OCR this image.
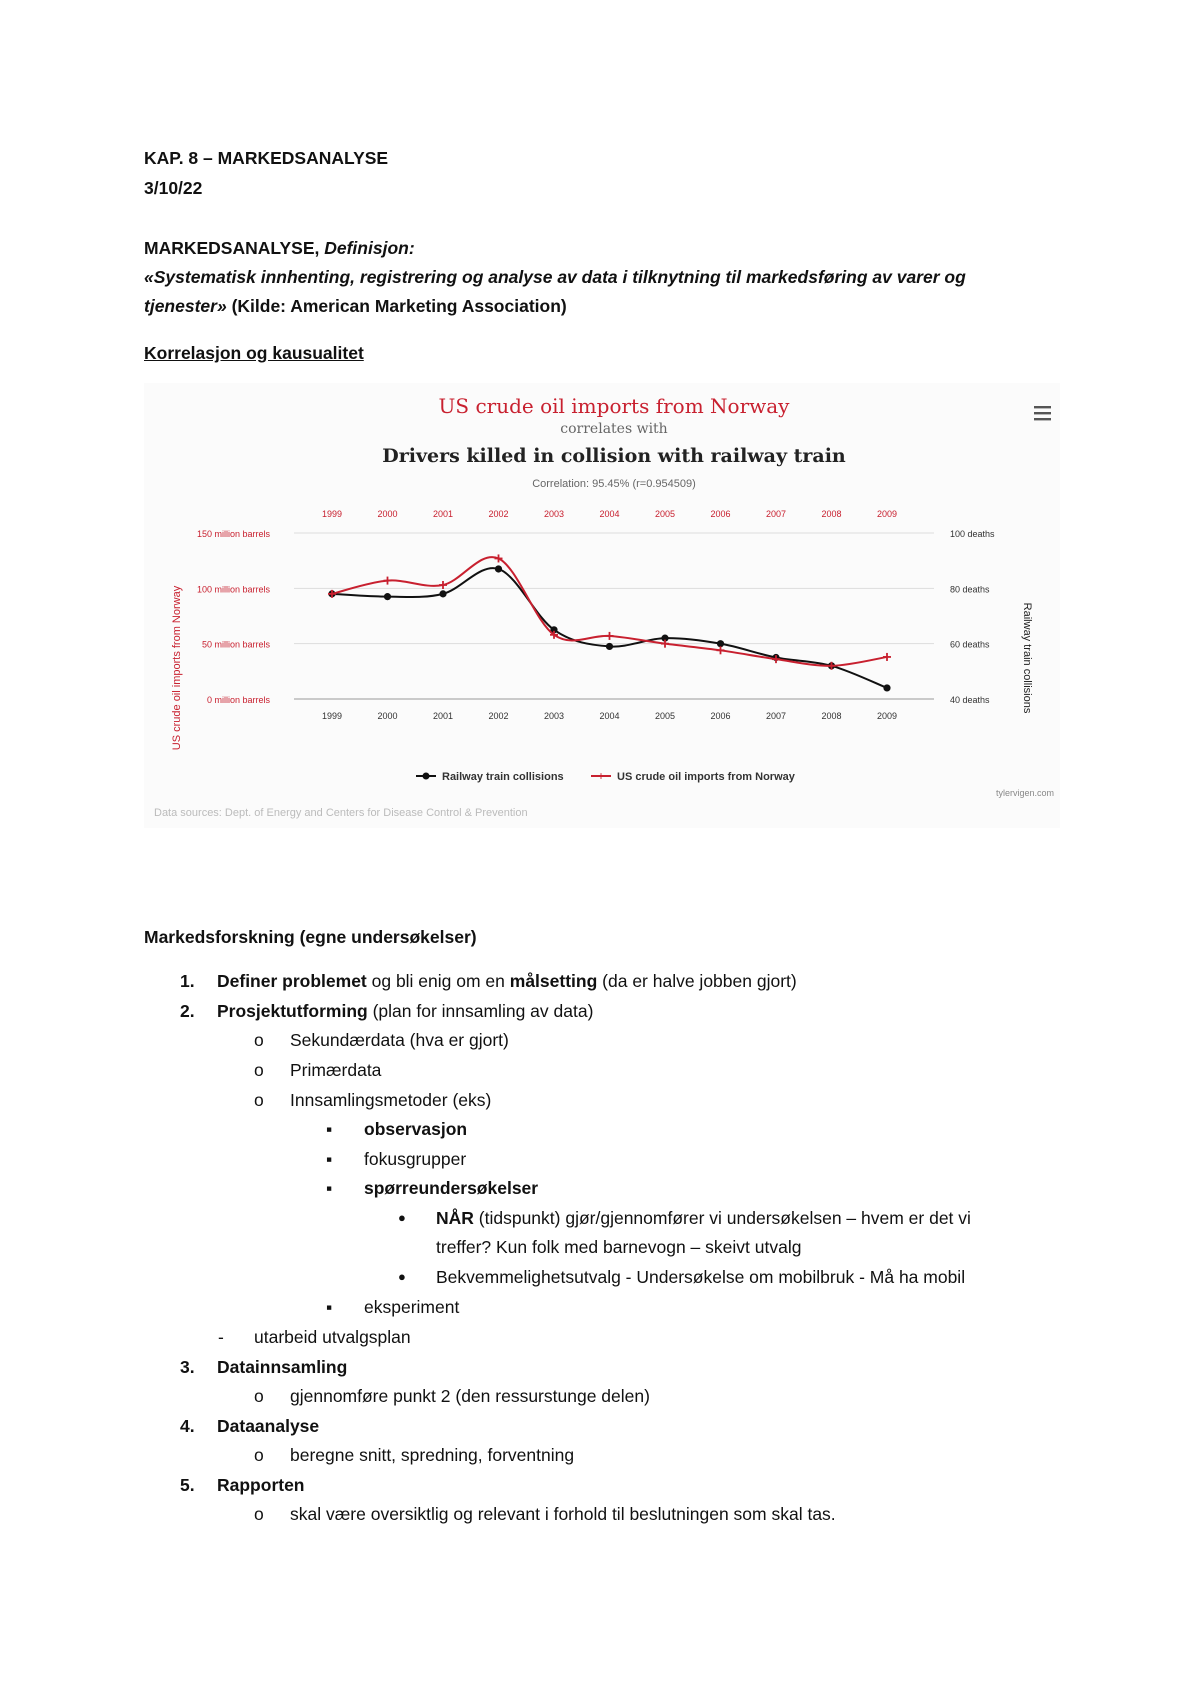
KAP. 8 – MARKEDSANALYSE
3/10/22
MARKEDSANALYSE, Definisjon:
«Systematisk innhenting, registrering og analyse av data i tilknytning til markedsføring av varer og
tjenester» (Kilde: American Marketing Association)
Korrelasjon og kausualitet
US crude oil imports from Norway
correlates with
Drivers killed in collision with railway train
Correlation: 95.45% (r=0.954509)
0 million barrels	40 deaths
50 million barrels	60 deaths
100 million barrels	80 deaths
150 million barrels	100 deaths
1999
1999
2000
2000
2001
2001
2002
2002
2003
2003
2004
2004
2005
2005
2006
2006
2007
2007
2008
2008
2009
2009
US crude oil imports from Norway	Railway train collisions
Railway train collisions	+ US crude oil imports from Norway
tylervigen.com
Data sources: Dept. of Energy and Centers for Disease Control & Prevention
Markedsforskning (egne undersøkelser)
1. Definer problemet og bli enig om en målsetting (da er halve jobben gjort)
2. Prosjektutforming (plan for innsamling av data)
o Sekundærdata (hva er gjort)
o Primærdata
o Innsamlingsmetoder (eks)
▪ observasjon
▪ fokusgrupper
▪ spørreundersøkelser
● NÅR (tidspunkt) gjør/gjennomfører vi undersøkelsen – hvem er det vi
treffer? Kun folk med barnevogn – skeivt utvalg
● Bekvemmelighetsutvalg - Undersøkelse om mobilbruk - Må ha mobil
▪ eksperiment
- utarbeid utvalgsplan
3. Datainnsamling
o gjennomføre punkt 2 (den ressurstunge delen)
4. Dataanalyse
o beregne snitt, spredning, forventning
5. Rapporten
o skal være oversiktlig og relevant i forhold til beslutningen som skal tas.
